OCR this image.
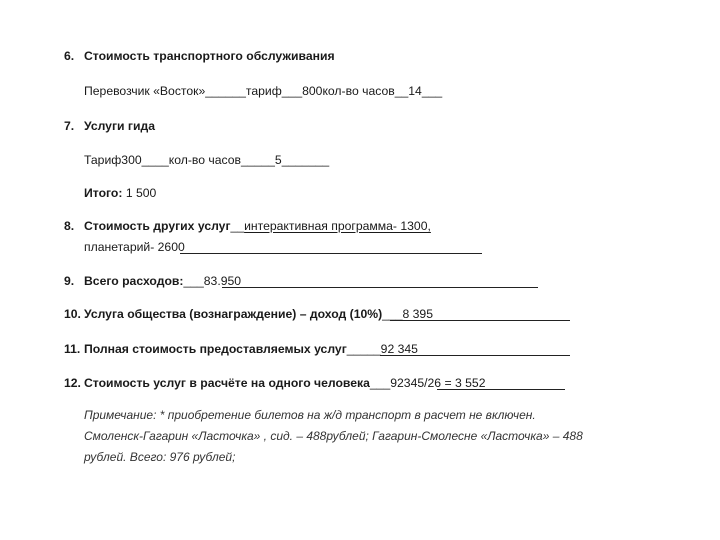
6. Стоимость транспортного обслуживания
Перевозчик «Восток»______тариф___800кол-во часов__14___
7. Услуги гида
Тариф300____кол-во часов_____5_______
Итого: 1 500
8. Стоимость других услуг__интерактивная программа- 1300,
планетарий- 2600
9. Всего расходов:___83.950
10. Услуга общества (вознаграждение) – доход (10%)___8 395
11. Полная стоимость предоставляемых услуг_____92 345
12. Стоимость услуг в расчёте на одного человека___92345/26 = 3 552
Примечание: * приобретение билетов на ж/д транспорт в расчет не включен.
Смоленск-Гагарин «Ласточка» , сид. – 488рублей; Гагарин-Смолесне «Ласточка» – 488
рублей. Всего: 976 рублей;
